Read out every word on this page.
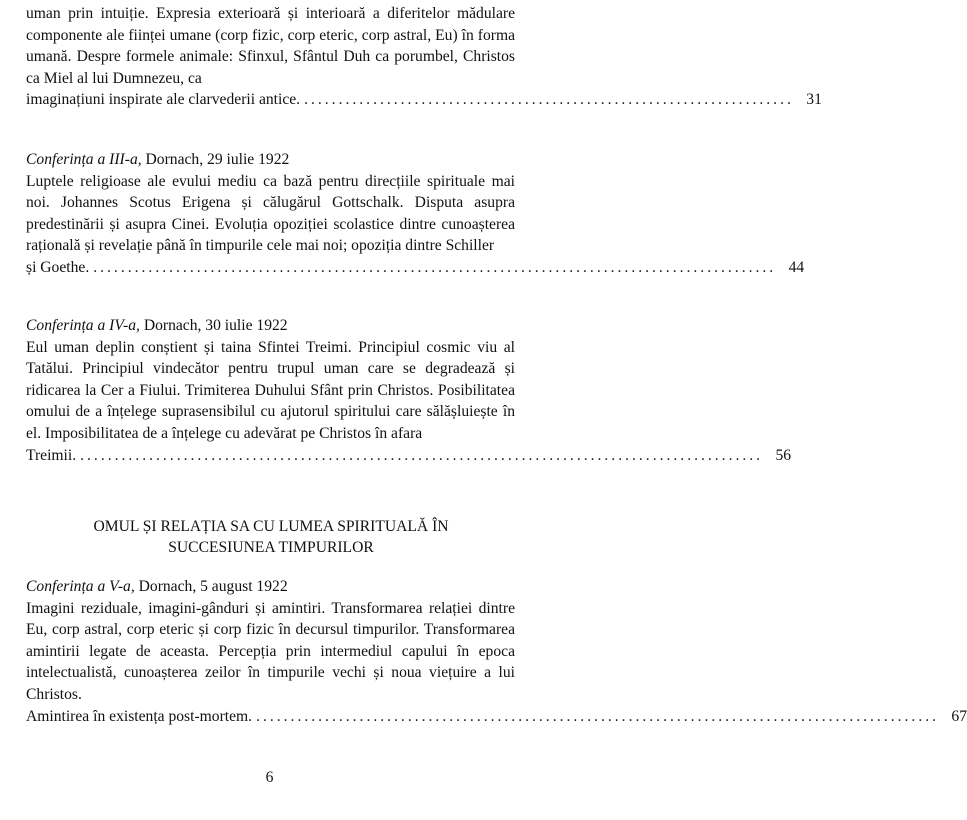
uman prin intuiție. Expresia exterioară și interioară a diferitelor mădulare componente ale ființei umane (corp fizic, corp eteric, corp astral, Eu) în forma umană. Despre formele animale: Sfinxul, Sfântul Duh ca porumbel, Christos ca Miel al lui Dumnezeu, ca
imaginațiuni inspirate ale clarvederii antice. ....................................................................... 31
Conferința a III-a, Dornach, 29 iulie 1922
Luptele religioase ale evului mediu ca bază pentru direcțiile spirituale mai noi. Johannes Scotus Erigena și călugărul Gottschalk. Disputa asupra predestinării și asupra Cinei. Evoluția opoziției scolastice dintre cunoașterea rațională și revelație până în timpurile cele mai noi; opoziția dintre Schiller
și Goethe. ................................................................................................... 44
Conferința a IV-a, Dornach, 30 iulie 1922
Eul uman deplin conștient și taina Sfintei Treimi. Principiul cosmic viu al Tatălui. Principiul vindecător pentru trupul uman care se degradează și ridicarea la Cer a Fiului. Trimiterea Duhului Sfânt prin Christos. Posibilitatea omului de a înțelege suprasensibilul cu ajutorul spiritului care sălășluiește în el. Imposibilitatea de a înțelege cu adevărat pe Christos în afara
Treimii. ................................................................................................... 56
OMUL ȘI RELAȚIA SA CU LUMEA SPIRITUALĂ ÎN
SUCCESIUNEA TIMPURILOR
Conferința a V-a, Dornach, 5 august 1922
Imagini reziduale, imagini-gânduri și amintiri. Transformarea relației dintre Eu, corp astral, corp eteric și corp fizic în decursul timpurilor. Transformarea amintirii legate de aceasta. Percepția prin intermediul capului în epoca intelectualistă, cunoașterea zeilor în timpurile vechi și noua viețuire a lui Christos.
Amintirea în existența post-mortem. ................................................................................................... 67
6
